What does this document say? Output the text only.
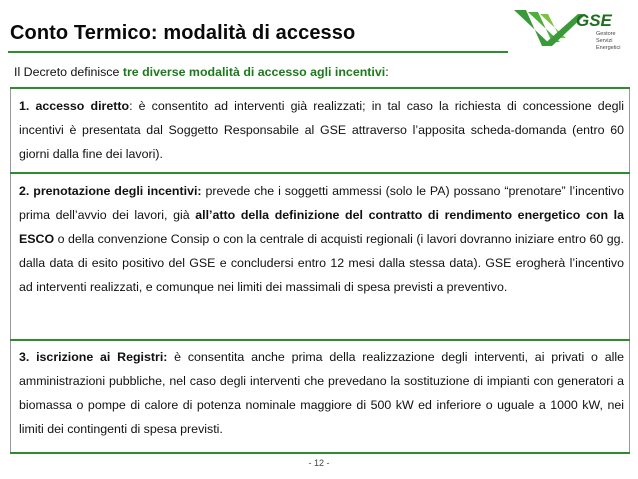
Conto Termico: modalità di accesso
GSE
Gestore
Servizi
Energetici
Il Decreto definisce tre diverse modalità di accesso agli incentivi:
1. accesso diretto: è consentito ad interventi già realizzati; in tal caso la richiesta di concessione degli incentivi è presentata dal Soggetto Responsabile al GSE attraverso l’apposita scheda-domanda (entro 60 giorni dalla fine dei lavori).
2. prenotazione degli incentivi: prevede che i soggetti ammessi (solo le PA) possano “prenotare” l’incentivo prima dell’avvio dei lavori, già all’atto della definizione del contratto di rendimento energetico con la ESCO o della convenzione Consip o con la centrale di acquisti regionali (i lavori dovranno iniziare entro 60 gg. dalla data di esito positivo del GSE e concludersi entro 12 mesi dalla stessa data). GSE erogherà l’incentivo ad interventi realizzati, e comunque nei limiti dei massimali di spesa previsti a preventivo.
3. iscrizione ai Registri: è consentita anche prima della realizzazione degli interventi, ai privati o alle amministrazioni pubbliche, nel caso degli interventi che prevedano la sostituzione di impianti con generatori a biomassa o pompe di calore di potenza nominale maggiore di 500 kW ed inferiore o uguale a 1000 kW, nei limiti dei contingenti di spesa previsti.
- 12 -
